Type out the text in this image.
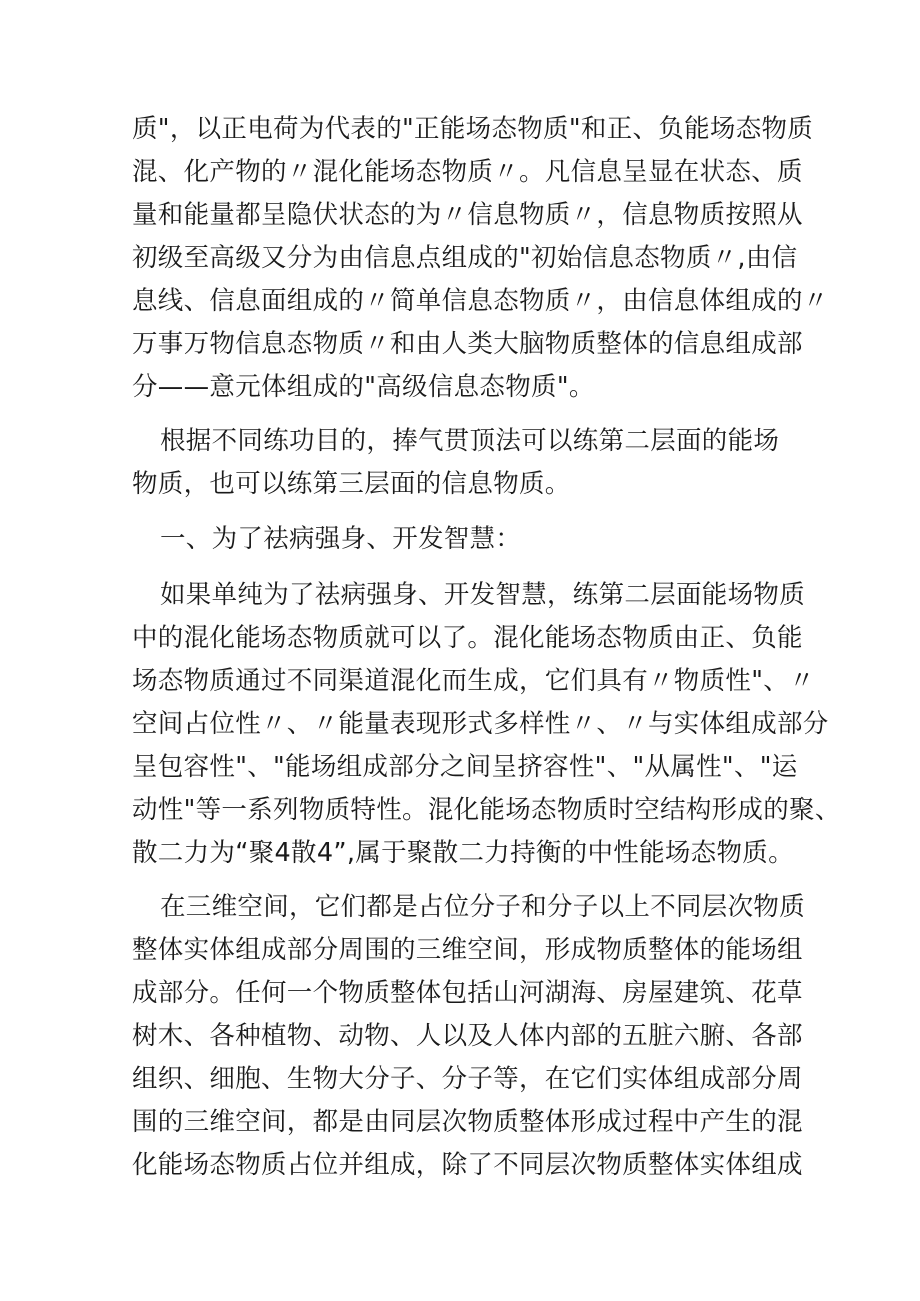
质"，以正电荷为代表的"正能场态物质"和正、负能场态物质
混、化产物的〃混化能场态物质〃。凡信息呈显在状态、质
量和能量都呈隐伏状态的为〃信息物质〃，信息物质按照从
初级至高级又分为由信息点组成的"初始信息态物质〃,由信
息线、信息面组成的〃简单信息态物质〃，由信息体组成的〃
万事万物信息态物质〃和由人类大脑物质整体的信息组成部
分——意元体组成的"高级信息态物质"。
根据不同练功目的，捧气贯顶法可以练第二层面的能场
物质，也可以练第三层面的信息物质。
一、为了祛病强身、开发智慧：
如果单纯为了祛病强身、开发智慧，练第二层面能场物质
中的混化能场态物质就可以了。混化能场态物质由正、负能
场态物质通过不同渠道混化而生成，它们具有〃物质性"、〃
空间占位性〃、〃能量表现形式多样性〃、〃与实体组成部分
呈包容性"、"能场组成部分之间呈挤容性"、"从属性"、"运
动性"等一系列物质特性。混化能场态物质时空结构形成的聚、
散二力为“聚4散4”,属于聚散二力持衡的中性能场态物质。
在三维空间，它们都是占位分子和分子以上不同层次物质
整体实体组成部分周围的三维空间，形成物质整体的能场组
成部分。任何一个物质整体包括山河湖海、房屋建筑、花草
树木、各种植物、动物、人以及人体内部的五脏六腑、各部
组织、细胞、生物大分子、分子等，在它们实体组成部分周
围的三维空间，都是由同层次物质整体形成过程中产生的混
化能场态物质占位并组成，除了不同层次物质整体实体组成
